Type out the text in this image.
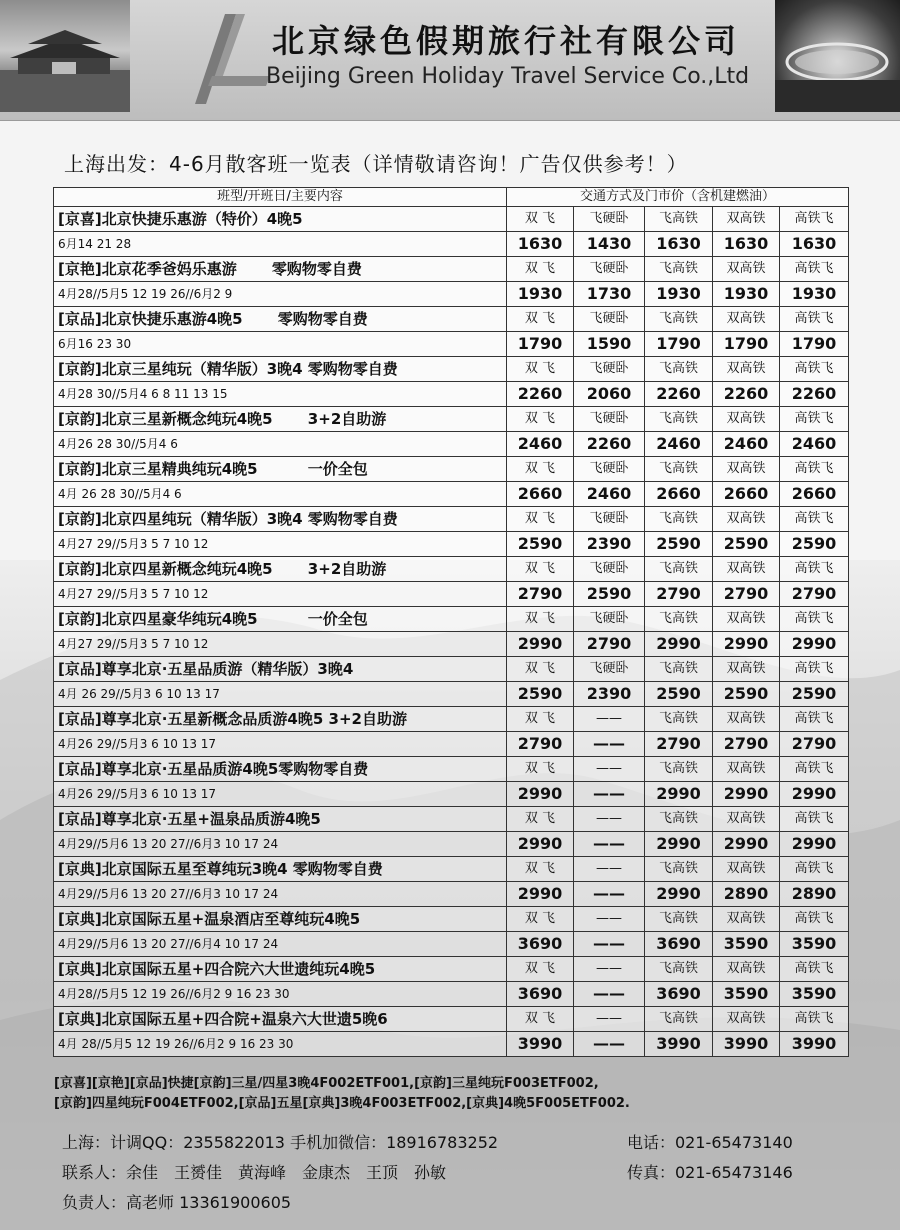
北京绿色假期旅行社有限公司
Beijing Green Holiday Travel Service Co.,Ltd
上海出发：4-6月散客班一览表（详情敬请咨询！广告仅供参考！）
班型/开班日/主要内容	交通方式及门市价（含机建燃油）				
[京喜]北京快捷乐惠游（特价）4晚5	双 飞	飞硬卧	飞高铁	双高铁	高铁飞
6月14 21 28	1630	1430	1630	1630	1630
[京艳]北京花季爸妈乐惠游 　　零购物零自费	双 飞	飞硬卧	飞高铁	双高铁	高铁飞
4月28//5月5 12 19 26//6月2 9	1930	1730	1930	1930	1930
[京品]北京快捷乐惠游4晚5 　　零购物零自费	双 飞	飞硬卧	飞高铁	双高铁	高铁飞
6月16 23 30	1790	1590	1790	1790	1790
[京韵]北京三星纯玩（精华版）3晚4 零购物零自费	双 飞	飞硬卧	飞高铁	双高铁	高铁飞
4月28 30//5月4 6 8 11 13 15	2260	2060	2260	2260	2260
[京韵]北京三星新概念纯玩4晚5 　　3+2自助游	双 飞	飞硬卧	飞高铁	双高铁	高铁飞
4月26 28 30//5月4 6	2460	2260	2460	2460	2460
[京韵]北京三星精典纯玩4晚5 　　　一价全包	双 飞	飞硬卧	飞高铁	双高铁	高铁飞
4月 26 28 30//5月4 6	2660	2460	2660	2660	2660
[京韵]北京四星纯玩（精华版）3晚4 零购物零自费	双 飞	飞硬卧	飞高铁	双高铁	高铁飞
4月27 29//5月3 5 7 10 12	2590	2390	2590	2590	2590
[京韵]北京四星新概念纯玩4晚5 　　3+2自助游	双 飞	飞硬卧	飞高铁	双高铁	高铁飞
4月27 29//5月3 5 7 10 12	2790	2590	2790	2790	2790
[京韵]北京四星豪华纯玩4晚5 　　　一价全包	双 飞	飞硬卧	飞高铁	双高铁	高铁飞
4月27 29//5月3 5 7 10 12	2990	2790	2990	2990	2990
[京品]尊享北京·五星品质游（精华版）3晚4	双 飞	飞硬卧	飞高铁	双高铁	高铁飞
4月 26 29//5月3 6 10 13 17	2590	2390	2590	2590	2590
[京品]尊享北京·五星新概念品质游4晚5 3+2自助游	双 飞	——	飞高铁	双高铁	高铁飞
4月26 29//5月3 6 10 13 17	2790	——	2790	2790	2790
[京品]尊享北京·五星品质游4晚5零购物零自费	双 飞	——	飞高铁	双高铁	高铁飞
4月26 29//5月3 6 10 13 17	2990	——	2990	2990	2990
[京品]尊享北京·五星+温泉品质游4晚5	双 飞	——	飞高铁	双高铁	高铁飞
4月29//5月6 13 20 27//6月3 10 17 24	2990	——	2990	2990	2990
[京典]北京国际五星至尊纯玩3晚4 零购物零自费	双 飞	——	飞高铁	双高铁	高铁飞
4月29//5月6 13 20 27//6月3 10 17 24	2990	——	2990	2890	2890
[京典]北京国际五星+温泉酒店至尊纯玩4晚5	双 飞	——	飞高铁	双高铁	高铁飞
4月29//5月6 13 20 27//6月4 10 17 24	3690	——	3690	3590	3590
[京典]北京国际五星+四合院六大世遗纯玩4晚5	双 飞	——	飞高铁	双高铁	高铁飞
4月28//5月5 12 19 26//6月2 9 16 23 30	3690	——	3690	3590	3590
[京典]北京国际五星+四合院+温泉六大世遗5晚6	双 飞	——	飞高铁	双高铁	高铁飞
4月 28//5月5 12 19 26//6月2 9 16 23 30	3990	——	3990	3990	3990
[京喜][京艳][京品]快捷[京韵]三星/四星3晚4F002ETF001,[京韵]三星纯玩F003ETF002,
[京韵]四星纯玩F004ETF002,[京品]五星[京典]3晚4F003ETF002,[京典]4晚5F005ETF002.
上海：计调QQ：2355822013 手机加微信：18916783252	电话：021-65473140
联系人：余佳　王赟佳　黄海峰　金康杰　王顶　孙敏	传真：021-65473146
负责人：高老师 13361900605
